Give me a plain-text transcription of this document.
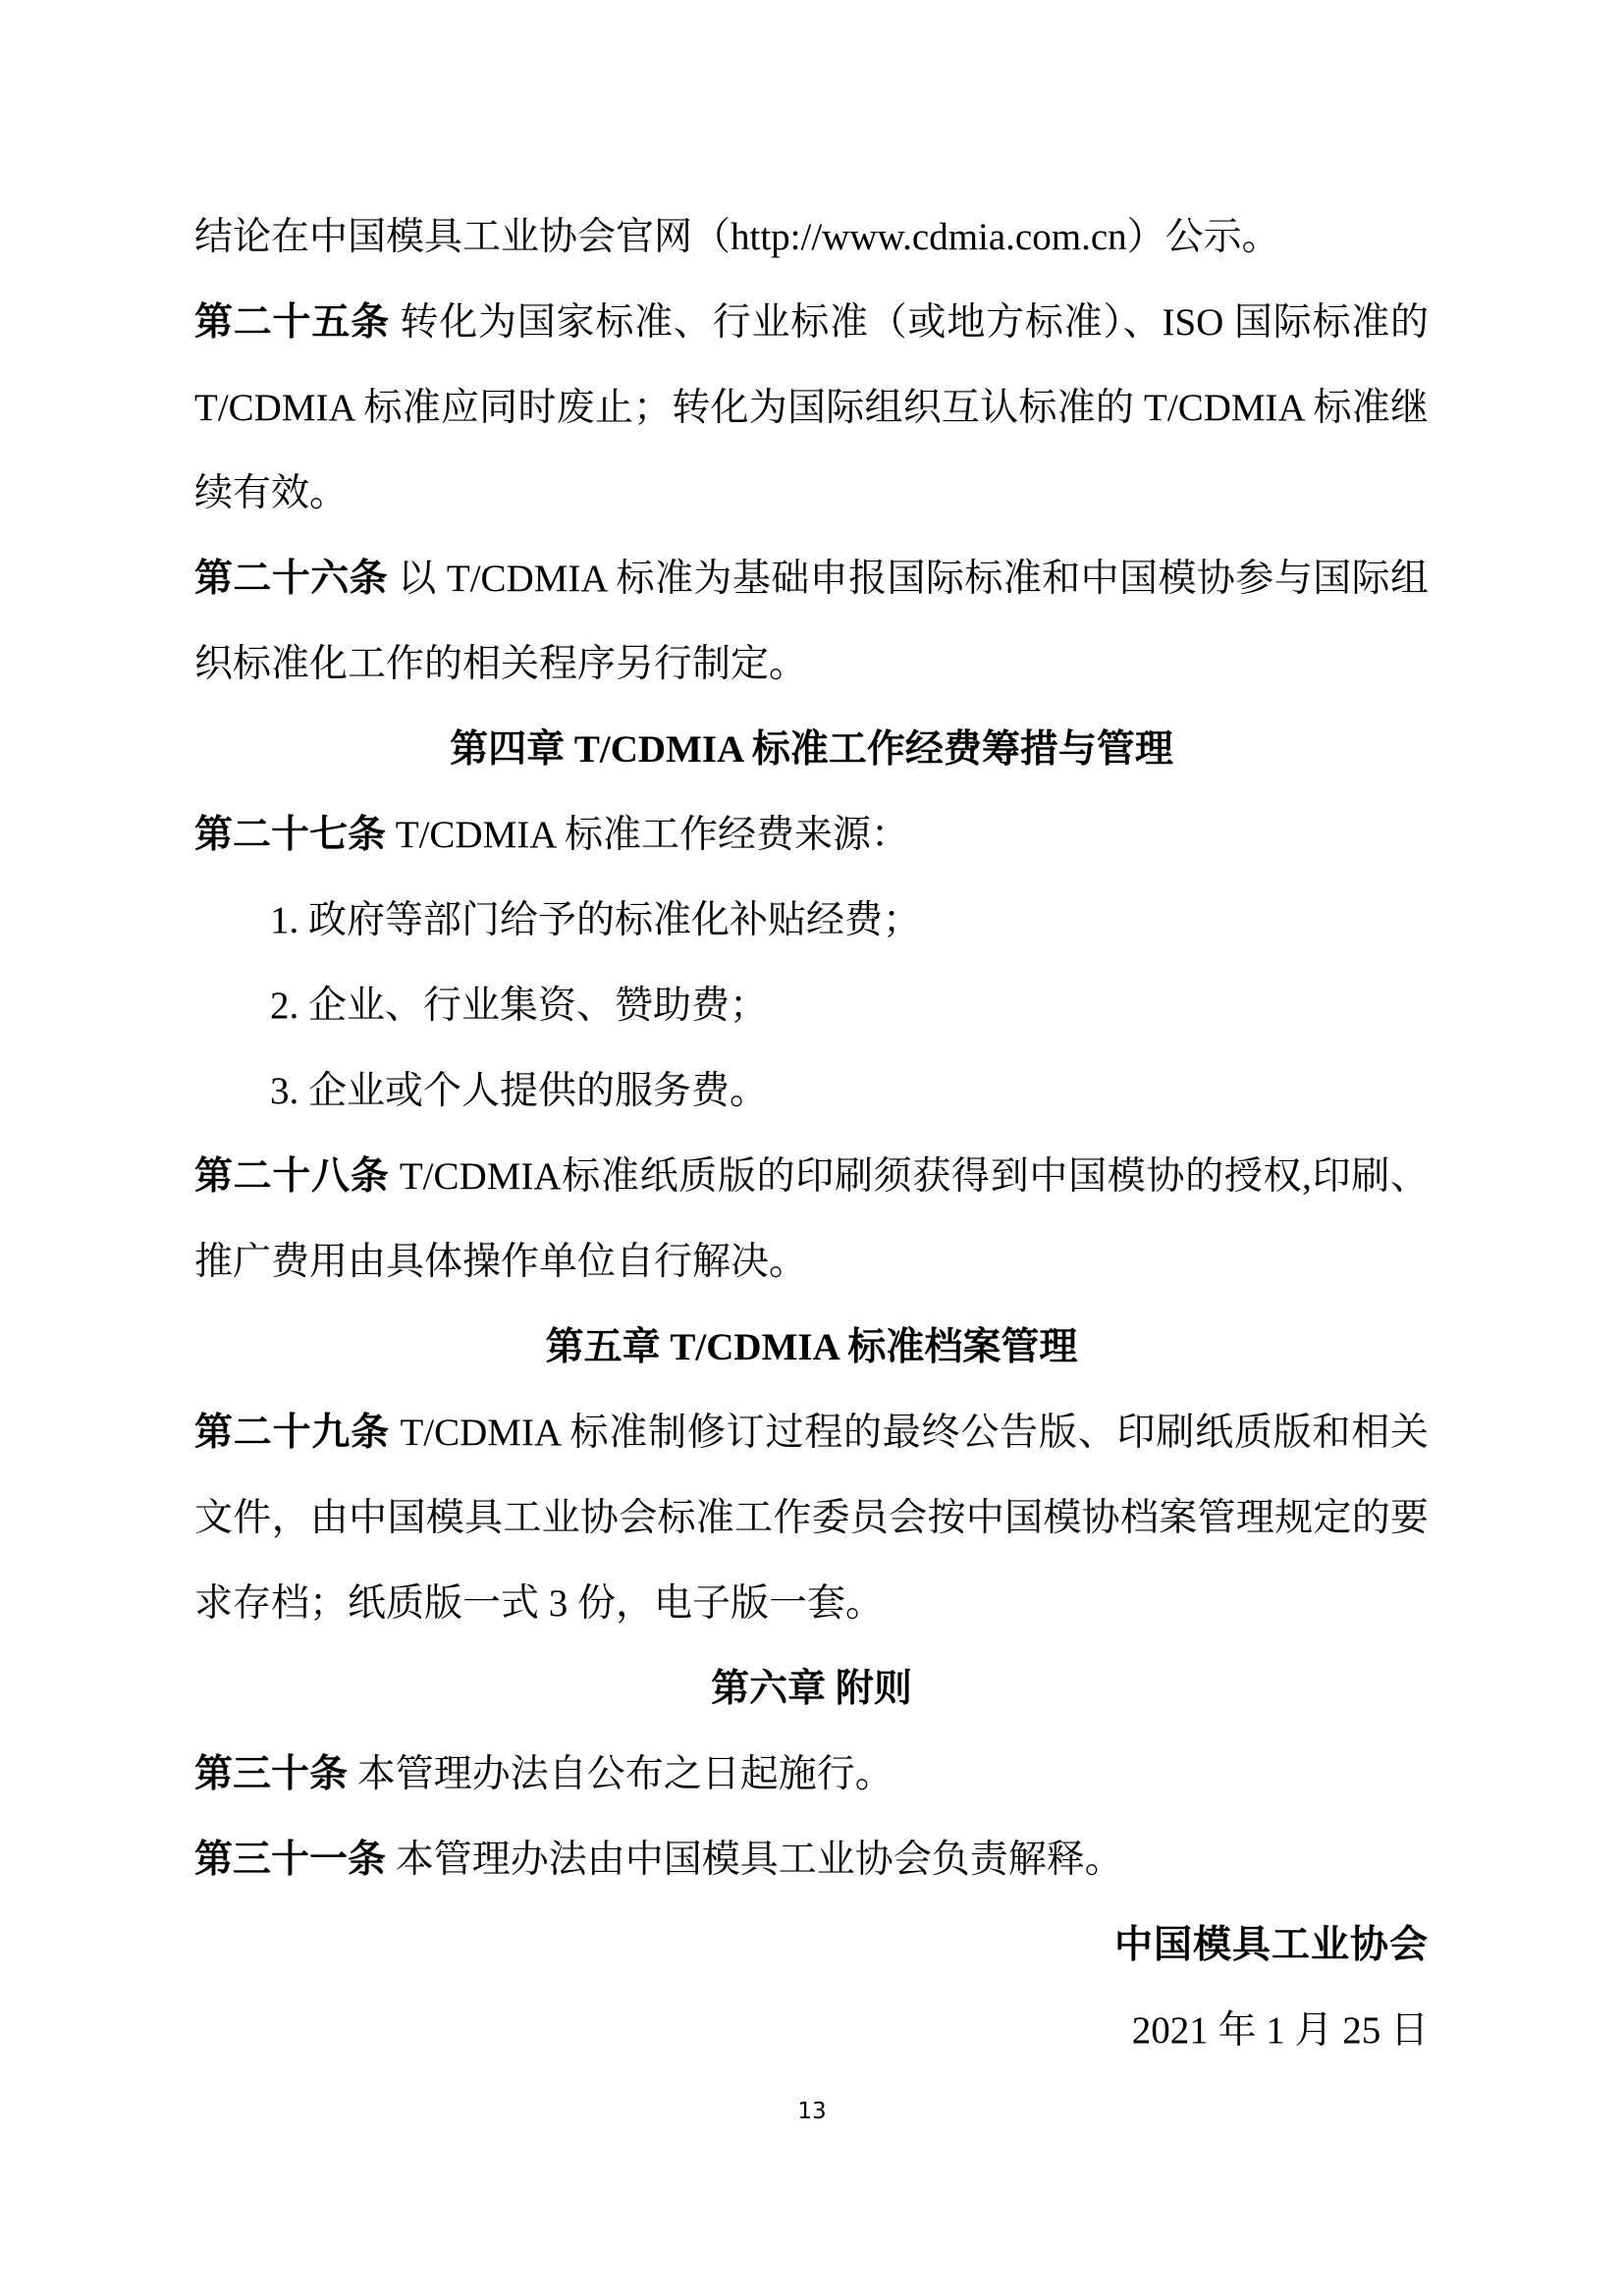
结论在中国模具工业协会官网（http://www.cdmia.com.cn）公示。
第二十五条 转化为国家标准、行业标准（或地方标准）、ISO 国际标准的
T/CDMIA 标准应同时废止；转化为国际组织互认标准的 T/CDMIA 标准继
续有效。
第二十六条 以 T/CDMIA 标准为基础申报国际标准和中国模协参与国际组
织标准化工作的相关程序另行制定。
第四章 T/CDMIA 标准工作经费筹措与管理
第二十七条 T/CDMIA 标准工作经费来源：
1. 政府等部门给予的标准化补贴经费；
2. 企业、行业集资、赞助费；
3. 企业或个人提供的服务费。
第二十八条 T/CDMIA标准纸质版的印刷须获得到中国模协的授权,印刷、
推广费用由具体操作单位自行解决。
第五章 T/CDMIA 标准档案管理
第二十九条 T/CDMIA 标准制修订过程的最终公告版、印刷纸质版和相关
文件，由中国模具工业协会标准工作委员会按中国模协档案管理规定的要
求存档；纸质版一式 3 份，电子版一套。
第六章 附则
第三十条 本管理办法自公布之日起施行。
第三十一条 本管理办法由中国模具工业协会负责解释。
中国模具工业协会
2021 年 1 月 25 日
13
